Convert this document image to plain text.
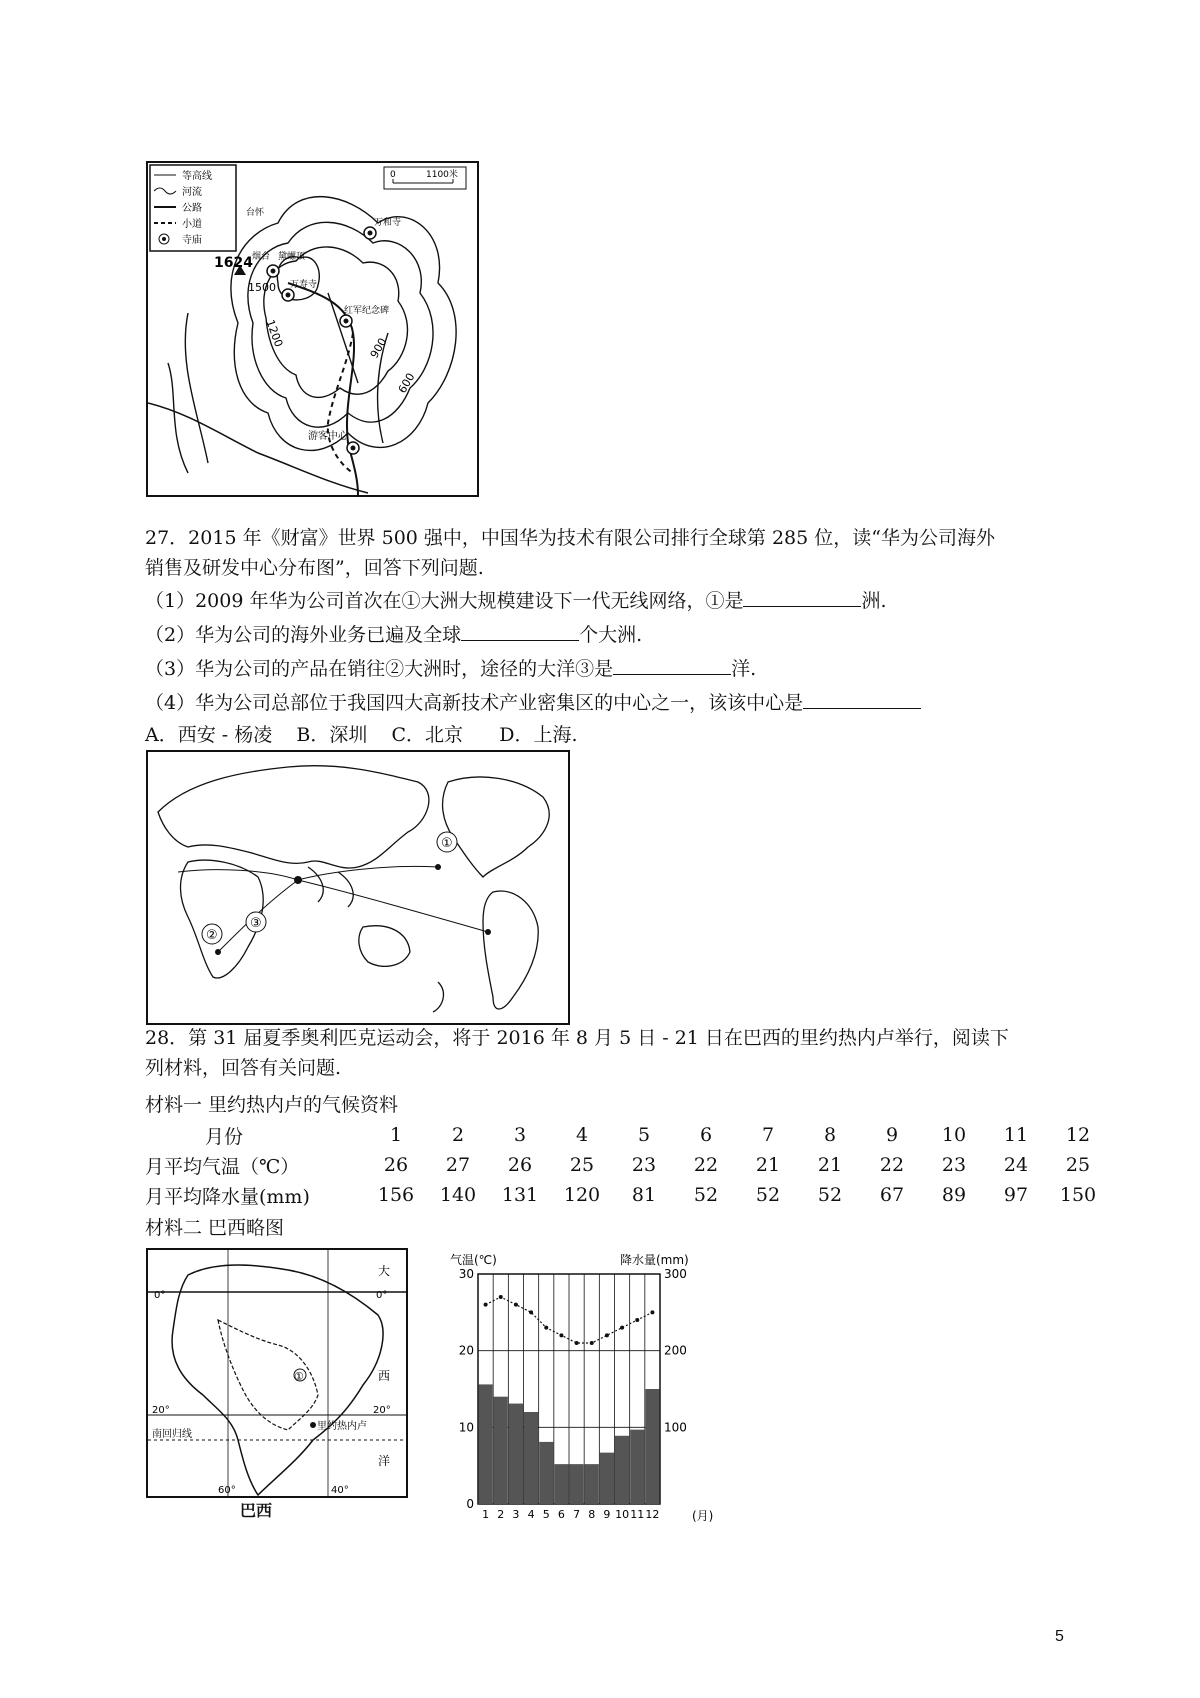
等高线
河流
公路
小道
寺庙
0	1100米
1624
1500
1200	900
600
烟台 黛螺顶
台怀
万寿寺
万和寺
红军纪念碑
游客中心
27．2015 年《财富》世界 500 强中，中国华为技术有限公司排行全球第 285 位，读“华为公司海外
销售及研发中心分布图”，回答下列问题.
（1）2009 年华为公司首次在①大洲大规模建设下一代无线网络，①是	洲.
（2）华为公司的海外业务已遍及全球	个大洲.
（3）华为公司的产品在销往②大洲时，途径的大洋③是	洋.
（4）华为公司总部位于我国四大高新技术产业密集区的中心之一，该该中心是
A．西安 - 杨凌    B．深圳    C．北京      D．上海.
①
②
③
28．第 31 届夏季奥利匹克运动会，将于 2016 年 8 月 5 日 - 21 日在巴西的里约热内卢举行，阅读下
列材料，回答有关问题.
材料一 里约热内卢的气候资料
月份	1	2	3	4	5	6	7	8	9	10	11	12
月平均气温（℃）	26	27	26	25	23	22	21	21	22	23	24	25
月平均降水量(mm)	156	140	131	120	81	52	52	52	67	89	97	150
材料二 巴西略图
①
里约热内卢
0°	0°
20°	20°
南回归线
60°	40°
大
西
洋
巴西
气温(℃)	降水量(mm)
0
10
20
30
100
200
300
1 2 3 4 5 6 7 8 9 10 11 12	(月)
5
